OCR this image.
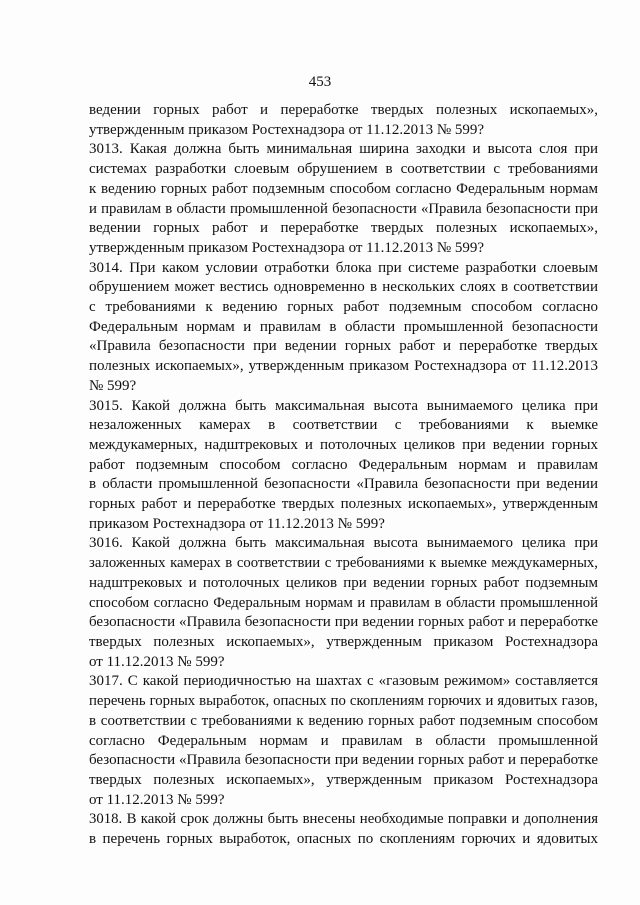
453
ведении горных работ и переработке твердых полезных ископаемых»,
утвержденным приказом Ростехнадзора от 11.12.2013 № 599?
3013. Какая должна быть минимальная ширина заходки и высота слоя при
системах разработки слоевым обрушением в соответствии с требованиями
к ведению горных работ подземным способом согласно Федеральным нормам
и правилам в области промышленной безопасности «Правила безопасности при
ведении горных работ и переработке твердых полезных ископаемых»,
утвержденным приказом Ростехнадзора от 11.12.2013 № 599?
3014. При каком условии отработки блока при системе разработки слоевым
обрушением может вестись одновременно в нескольких слоях в соответствии
с требованиями к ведению горных работ подземным способом согласно
Федеральным нормам и правилам в области промышленной безопасности
«Правила безопасности при ведении горных работ и переработке твердых
полезных ископаемых», утвержденным приказом Ростехнадзора от 11.12.2013
№ 599?
3015. Какой должна быть максимальная высота вынимаемого целика при
незаложенных камерах в соответствии с требованиями к выемке
междукамерных, надштрековых и потолочных целиков при ведении горных
работ подземным способом согласно Федеральным нормам и правилам
в области промышленной безопасности «Правила безопасности при ведении
горных работ и переработке твердых полезных ископаемых», утвержденным
приказом Ростехнадзора от 11.12.2013 № 599?
3016. Какой должна быть максимальная высота вынимаемого целика при
заложенных камерах в соответствии с требованиями к выемке междукамерных,
надштрековых и потолочных целиков при ведении горных работ подземным
способом согласно Федеральным нормам и правилам в области промышленной
безопасности «Правила безопасности при ведении горных работ и переработке
твердых полезных ископаемых», утвержденным приказом Ростехнадзора
от 11.12.2013 № 599?
3017. С какой периодичностью на шахтах с «газовым режимом» составляется
перечень горных выработок, опасных по скоплениям горючих и ядовитых газов,
в соответствии с требованиями к ведению горных работ подземным способом
согласно Федеральным нормам и правилам в области промышленной
безопасности «Правила безопасности при ведении горных работ и переработке
твердых полезных ископаемых», утвержденным приказом Ростехнадзора
от 11.12.2013 № 599?
3018. В какой срок должны быть внесены необходимые поправки и дополнения
в перечень горных выработок, опасных по скоплениям горючих и ядовитых
